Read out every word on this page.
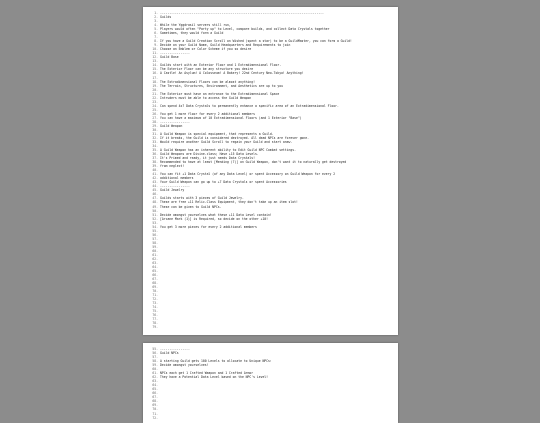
1. ----------------------------------------------------------------------------------------
2. Guilds
3.
4. While the Yggdrasil servers still run,
5. Players would often "Party up" to Level, compare builds, and collect Data Crystals together
6. Sometimes, they would form a Guild
7.
8. If you have a Guild Creation Scroll on Wished (spent a star) to be a GuildMaster, you can form a Guild!
9. Decide on your Guild Name, Guild Headquarters and Requirements to join
10. Choose an Emblem or Color Scheme if you so desire
11. ----------------
12. Guild Base
13.
14. Guilds start with an Exterior Floor and 1 Extradimensional Floor.
15. The Exterior Floor can be any structure you desire
16. A Castle! An Asylum! A Colosseum! A Bakery! 22nd Century Neo-Tokyo! Anything!
17.
18. The Extradimensional Floors can be almost anything!
19. The Terrain, Structures, Environment, and Aesthetics are up to you
20.
21. The Exterior must have an entrance to the Extradimensional Space
22. Intruders must be able to access the Guild Weapon
23.
24. Can spend 4x? Data Crystals to permanently enhance a specific area of an Extradimensional Floor.
25.
26. You get 1 more floor for every 2 additional members
27. You can have a maximum of 10 Extradimensional Floors (and 1 Exterior "Base")
28. ----------------
29. Guild Weapon
30.
31. A Guild Weapon is special equipment, that represents a Guild.
32. If it breaks, the Guild is considered destroyed. All dead NPCs are forever gone.
33. Would require another Guild Scroll to regain your Guild and start anew.
34.
35. A Guild Weapon has an inherent ability to Edit Guild NPC Combat settings.
36. Guild Weapons are Divine-class; Have +15 Data Levels.
37. It's Primed and ready, it just needs Data Crystals!
38. Recommended to have at least [Mending (7)] on Guild Weapon, don't want it to naturally get destroyed
39. from neglect!
40.
41. You can fit +1 Data Crystal (of any Data Level) or spent Accessory on Guild Weapon for every 2
42. additional members
43. Your Guild Weapon can go up to +7 Data Crystals or spent Accessories
44. ----------------
45. Guild Jewelry
46.
47. Guilds starts with 3 pieces of Guild Jewelry.
48. These are free +11 Relic-Class Equipment, they don't take up an item slot!
49. These can be given to Guild NPCs.
50.
51. Decide amongst yourselves what these +11 Data Level contain!
52. [Arcane Mark (1)] is Required, so decide on the other +10!
53.
54. You get 3 more pieces for every 2 additional members
55.
56.
57.
58.
59.
60.
61.
62.
63.
64.
65.
66.
67.
68.
69.
70.
71.
72.
73.
74.
75.
76.
77.
78.
79.
55. ----------------
56. Guild NPCs
57.
58. A starting Guild gets 100 Levels to allocate to Unique NPCs:
59. Decide amongst yourselves!
60.
61. NPCs each get 1 Crafted Weapon and 1 Crafted Armor
62. They have a Potential Data Level based on the NPC's Level!
63.
64.
65.
66.
67.
68.
69.
70.
71.
72.
